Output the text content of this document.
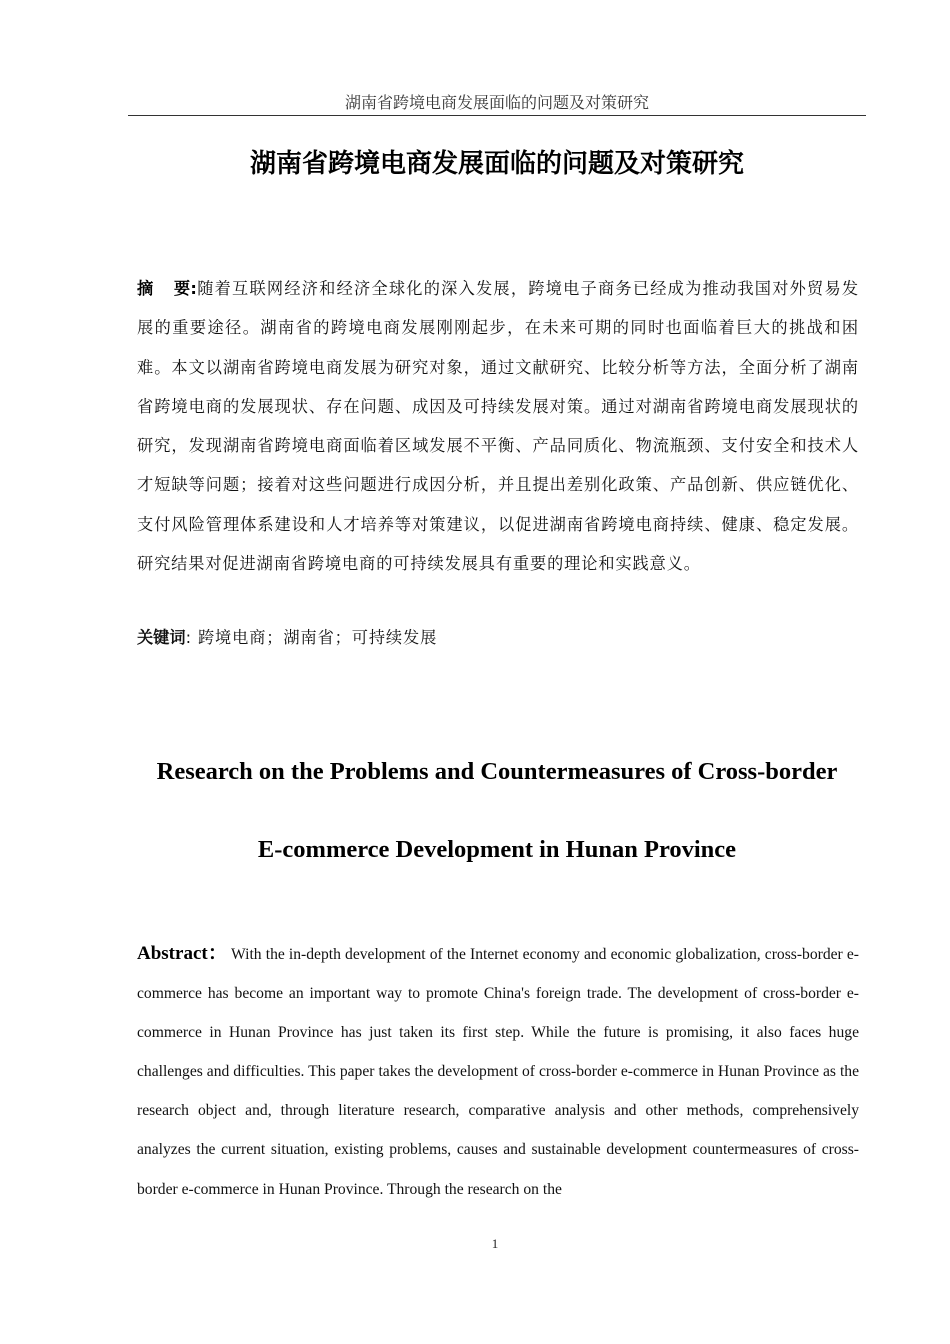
湖南省跨境电商发展面临的问题及对策研究
湖南省跨境电商发展面临的问题及对策研究

摘 要:随着互联网经济和经济全球化的深入发展，跨境电子商务已经成为推动我国对外贸易发展的重要途径。湖南省的跨境电商发展刚刚起步，在未来可期的同时也面临着巨大的挑战和困难。本文以湖南省跨境电商发展为研究对象，通过文献研究、比较分析等方法，全面分析了湖南省跨境电商的发展现状、存在问题、成因及可持续发展对策。通过对湖南省跨境电商发展现状的研究，发现湖南省跨境电商面临着区域发展不平衡、产品同质化、物流瓶颈、支付安全和技术人才短缺等问题；接着对这些问题进行成因分析，并且提出差别化政策、产品创新、供应链优化、支付风险管理体系建设和人才培养等对策建议，以促进湖南省跨境电商持续、健康、稳定发展。研究结果对促进湖南省跨境电商的可持续发展具有重要的理论和实践意义。

关键词: 跨境电商；湖南省；可持续发展

Research on the Problems and Countermeasures of Cross-border
E-commerce Development in Hunan Province

Abstract： With the in-depth development of the Internet economy and economic globalization, cross-border e-commerce has become an important way to promote China's foreign trade. The development of cross-border e-commerce in Hunan Province has just taken its first step. While the future is promising, it also faces huge challenges and difficulties. This paper takes the development of cross-border e-commerce in Hunan Province as the research object and, through literature research, comparative analysis and other methods, comprehensively analyzes the current situation, existing problems, causes and sustainable development countermeasures of cross-border e-commerce in Hunan Province. Through the research on the

1
